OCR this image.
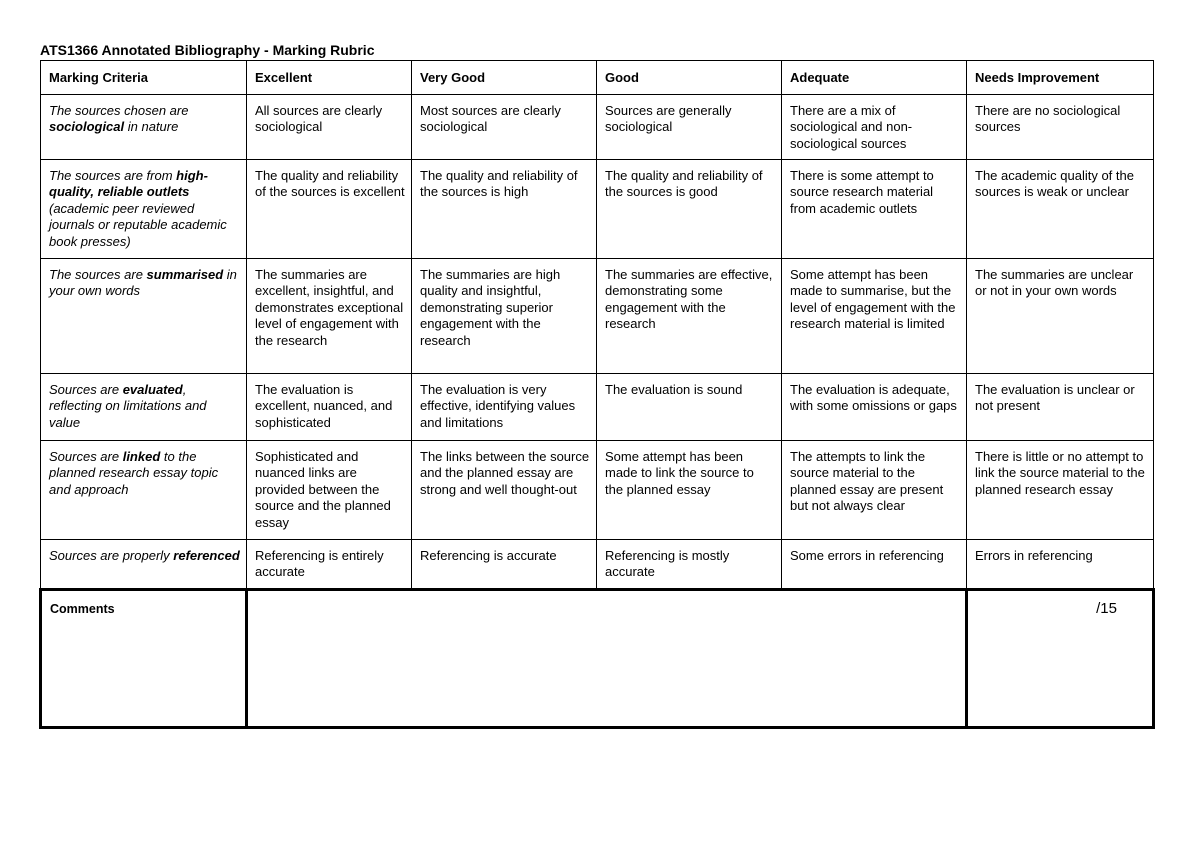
ATS1366 Annotated Bibliography - Marking Rubric
Marking Criteria	Excellent	Very Good	Good	Adequate	Needs Improvement
The sources chosen are sociological in nature	All sources are clearly sociological	Most sources are clearly sociological	Sources are generally sociological	There are a mix of sociological and non-sociological sources	There are no sociological sources
The sources are from high-quality, reliable outlets (academic peer reviewed journals or reputable academic book presses)	The quality and reliability of the sources is excellent	The quality and reliability of the sources is high	The quality and reliability of the sources is good	There is some attempt to source research material from academic outlets	The academic quality of the sources is weak or unclear
The sources are summarised in your own words	The summaries are excellent, insightful, and demonstrates exceptional level of engagement with the research	The summaries are high quality and insightful, demonstrating superior engagement with the research	The summaries are effective, demonstrating some engagement with the research	Some attempt has been made to summarise, but the level of engagement with the research material is limited	The summaries are unclear or not in your own words
Sources are evaluated, reflecting on limitations and value	The evaluation is excellent, nuanced, and sophisticated	The evaluation is very effective, identifying values and limitations	The evaluation is sound	The evaluation is adequate, with some omissions or gaps	The evaluation is unclear or not present
Sources are linked to the planned research essay topic and approach	Sophisticated and nuanced links are provided between the source and the planned essay	The links between the source and the planned essay are strong and well thought-out	Some attempt has been made to link the source to the planned essay	The attempts to link the source material to the planned essay are present but not always clear	There is little or no attempt to link the source material to the planned research essay
Sources are properly referenced	Referencing is entirely accurate	Referencing is accurate	Referencing is mostly accurate	Some errors in referencing	Errors in referencing
Comments					/15
